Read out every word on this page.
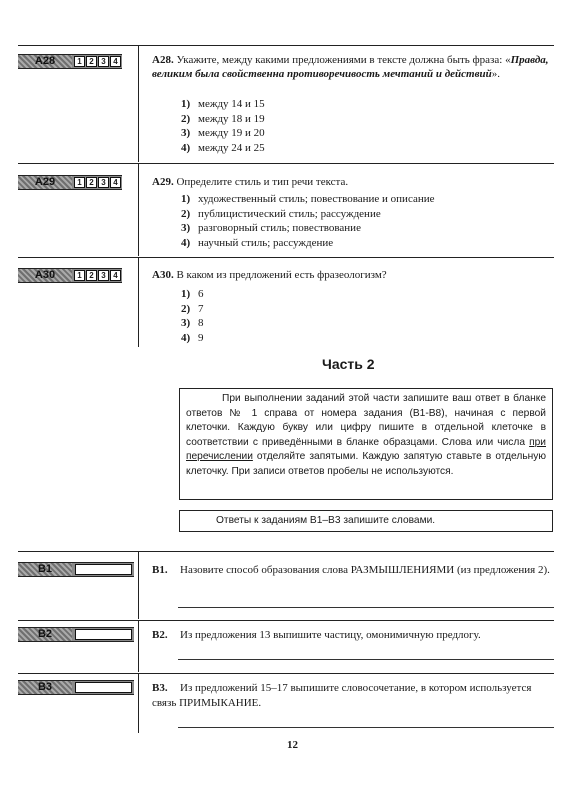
A28	1 2 3 4	A28. Укажите, между какими предложениями в тексте должна быть фраза: «Правда, великим была свойственна противоречивость мечтаний и действий».
1) между 14 и 15
2) между 18 и 19
3) между 19 и 20
4) между 24 и 25
A29	1 2 3 4	A29. Определите стиль и тип речи текста.
1) художественный стиль; повествование и описание
2) публицистический стиль; рассуждение
3) разговорный стиль; повествование
4) научный стиль; рассуждение
A30	1 2 3 4	A30. В каком из предложений есть фразеологизм?
1) 6
2) 7
3) 8
4) 9
Часть 2
При выполнении заданий этой части запишите ваш ответ в бланке ответов № 1 справа от номера задания (В1-В8), начиная с первой клеточки. Каждую букву или цифру пишите в отдельной клеточке в соответствии с приведёнными в бланке образцами. Слова или числа при перечислении отделяйте запятыми. Каждую запятую ставьте в отдельную клеточку. При записи ответов пробелы не используются.
Ответы к заданиям В1–В3 запишите словами.
B1	B1. Назовите способ образования слова РАЗМЫШЛЕНИЯМИ (из предложения 2).
B2	B2. Из предложения 13 выпишите частицу, омонимичную предлогу.
B3	B3. Из предложений 15–17 выпишите словосочетание, в котором используется связь ПРИМЫКАНИЕ.
12
